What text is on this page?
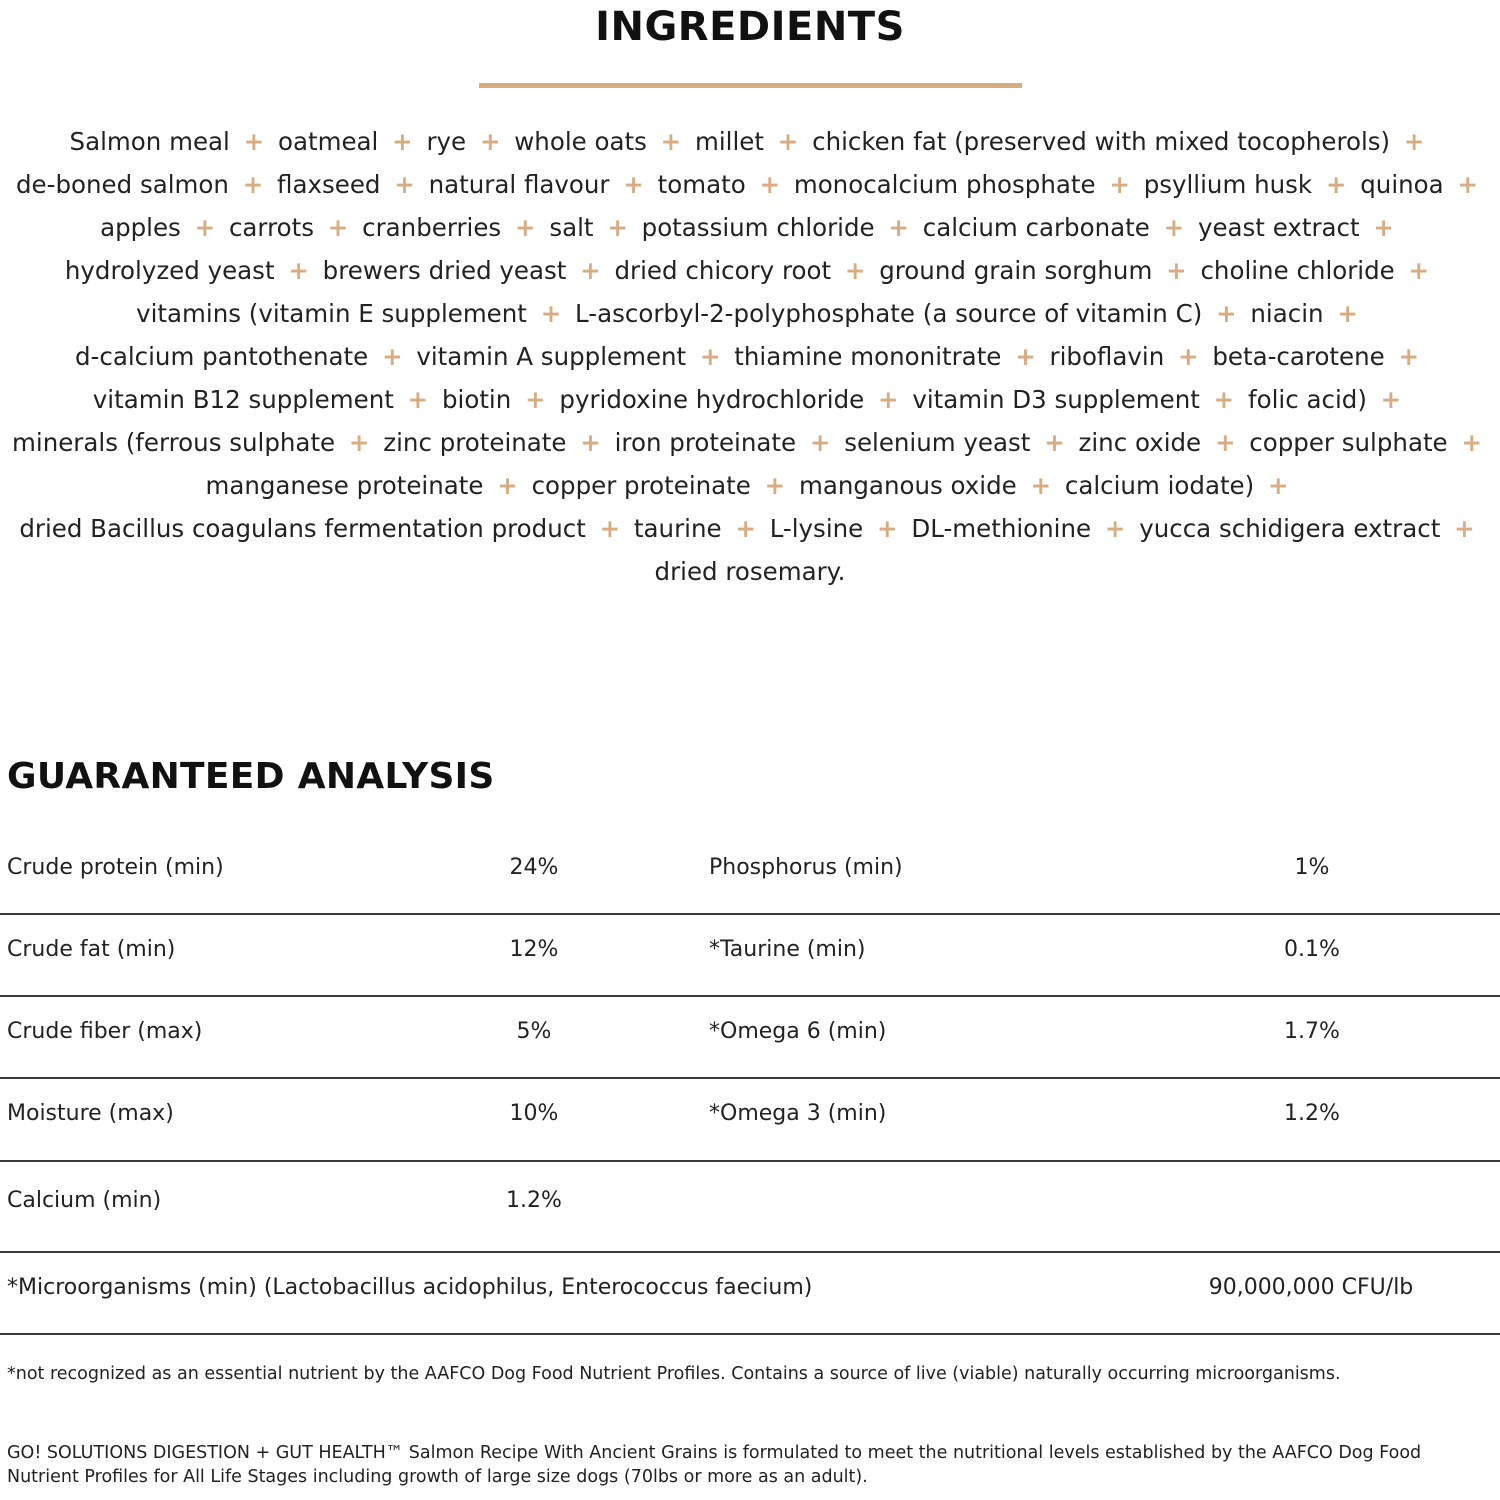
INGREDIENTS
Salmon meal + oatmeal + rye + whole oats + millet + chicken fat (preserved with mixed tocopherols) + de-boned salmon + flaxseed + natural flavour + tomato + monocalcium phosphate + psyllium husk + quinoa + apples + carrots + cranberries + salt + potassium chloride + calcium carbonate + yeast extract + hydrolyzed yeast + brewers dried yeast + dried chicory root + ground grain sorghum + choline chloride + vitamins (vitamin E supplement + L-ascorbyl-2-polyphosphate (a source of vitamin C) + niacin + d-calcium pantothenate + vitamin A supplement + thiamine mononitrate + riboflavin + beta-carotene + vitamin B12 supplement + biotin + pyridoxine hydrochloride + vitamin D3 supplement + folic acid) + minerals (ferrous sulphate + zinc proteinate + iron proteinate + selenium yeast + zinc oxide + copper sulphate + manganese proteinate + copper proteinate + manganous oxide + calcium iodate) + dried Bacillus coagulans fermentation product + taurine + L-lysine + DL-methionine + yucca schidigera extract + dried rosemary.
GUARANTEED ANALYSIS
Crude protein (min)	24%	Phosphorus (min)	1%
Crude fat (min)	12%	*Taurine (min)	0.1%
Crude fiber (max)	5%	*Omega 6 (min)	1.7%
Moisture (max)	10%	*Omega 3 (min)	1.2%
Calcium (min)	1.2%
*Microorganisms (min) (Lactobacillus acidophilus, Enterococcus faecium)	90,000,000 CFU/lb
*not recognized as an essential nutrient by the AAFCO Dog Food Nutrient Profiles. Contains a source of live (viable) naturally occurring microorganisms.
GO! SOLUTIONS DIGESTION + GUT HEALTH™ Salmon Recipe With Ancient Grains is formulated to meet the nutritional levels established by the AAFCO Dog Food Nutrient Profiles for All Life Stages including growth of large size dogs (70lbs or more as an adult).
